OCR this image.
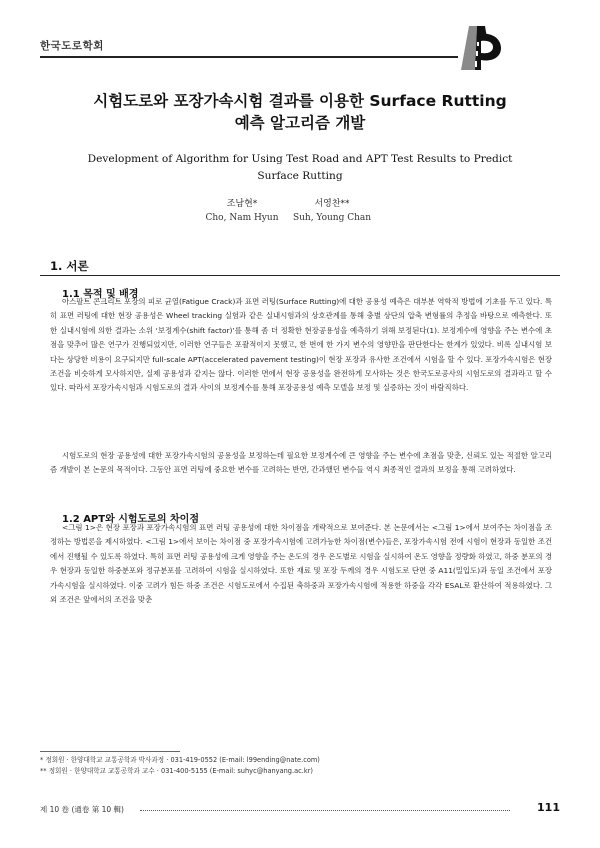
한국도로학회
시험도로와 포장가속시험 결과를 이용한 Surface Rutting
예측 알고리즘 개발
Development of Algorithm for Using Test Road and APT Test Results to Predict
Surface Rutting
조남현*
Cho, Nam Hyun
서영찬**
Suh, Young Chan
1. 서론
1.1 목적 및 배경

아스팔트 콘크리트 포장의 피로 균열(Fatigue Crack)과 표면 러팅(Surface Rutting)에 대한 공용성 예측은 대부분 역학적 방법에 기초를 두고 있다. 특히 표면 러팅에 대한 현장 공용성은 Wheel tracking 실험과 같은 실내시험과의 상호관계를 통해 충별 상단의 압축 변형률의 추정을 바탕으로 예측한다. 또한 실내시험에 의한 결과는 소위 ‘보정계수(shift factor)’를 통해 좀 더 정확한 현장공용성을 예측하기 위해 보정된다(1). 보정계수에 영향을 주는 변수에 초점을 맞추어 많은 연구가 진행되었지만, 이러한 연구들은 포괄적이지 못했고, 한 번에 한 가지 변수의 영향만을 판단한다는 한계가 있었다. 비록 실내시험 보다는 상당한 비용이 요구되지만 full-scale APT(accelerated pavement testing)이 현장 포장과 유사한 조건에서 시험을 할 수 있다. 포장가속시험은 현장 조건을 비슷하게 모사하지만, 실제 공용성과 같지는 않다. 이러한 면에서 현장 공용성을 완전하게 모사하는 것은 한국도로공사의 시험도로의 결과라고 할 수 있다. 따라서 포장가속시험과 시험도로의 결과 사이의 보정계수를 통해 포장공용성 예측 모델을 보정 및 실증하는 것이 바람직하다.

시험도로의 현장 공용성에 대한 포장가속시험의 공용성을 보정하는데 필요한 보정계수에 큰 영향을 주는 변수에 초점을 맞춘, 신뢰도 있는 적절한 알고리즘 개발이 본 논문의 목적이다. 그동안 표면 러팅에 중요한 변수를 고려하는 반면, 간과했던 변수들 역시 최종적인 결과의 보정을 통해 고려하였다.

1.2 APT와 시험도로의 차이점

<그림 1>은 현장 포장과 포장가속시험의 표면 러팅 공용성에 대한 차이점을 개략적으로 보여준다. 본 논문에서는 <그림 1>에서 보여주는 차이점을 조정하는 방법론을 제시하였다. <그림 1>에서 보이는 차이점 중 포장가속시험에 고려가능한 차이점(변수)들은, 포장가속시험 전에 시험이 현장과 동일한 조건에서 진행될 수 있도록 하였다. 특히 표면 러팅 공용성에 크게 영향을 주는 온도의 경우 온도별로 시험을 실시하여 온도 영향을 정량화 하였고, 하중 분포의 경우 현장과 동일한 하중분포와 정규분포를 고려하여 시험을 실시하였다. 또한 재료 및 포장 두께의 경우 시험도로 단면 중 A11(밀입도)과 동일 조건에서 포장가속시험을 실시하였다. 이중 고려가 힘든 하중 조건은 시험도로에서 수집된 축하중과 포장가속시험에 적용한 하중을 각각 ESAL로 환산하여 적용하였다. 그 외 조건은 앞에서의 조건을 맞춘

* 정회원 · 한양대학교 교통공학과 박사과정 · 031-419-0552 (E-mail: l99ending@nate.com)
** 정회원 · 한양대학교 교통공학과 교수 · 031-400-5155 (E-mail: suhyc@hanyang.ac.kr)
제 10 卷 (通卷 第 10 輯)	111
